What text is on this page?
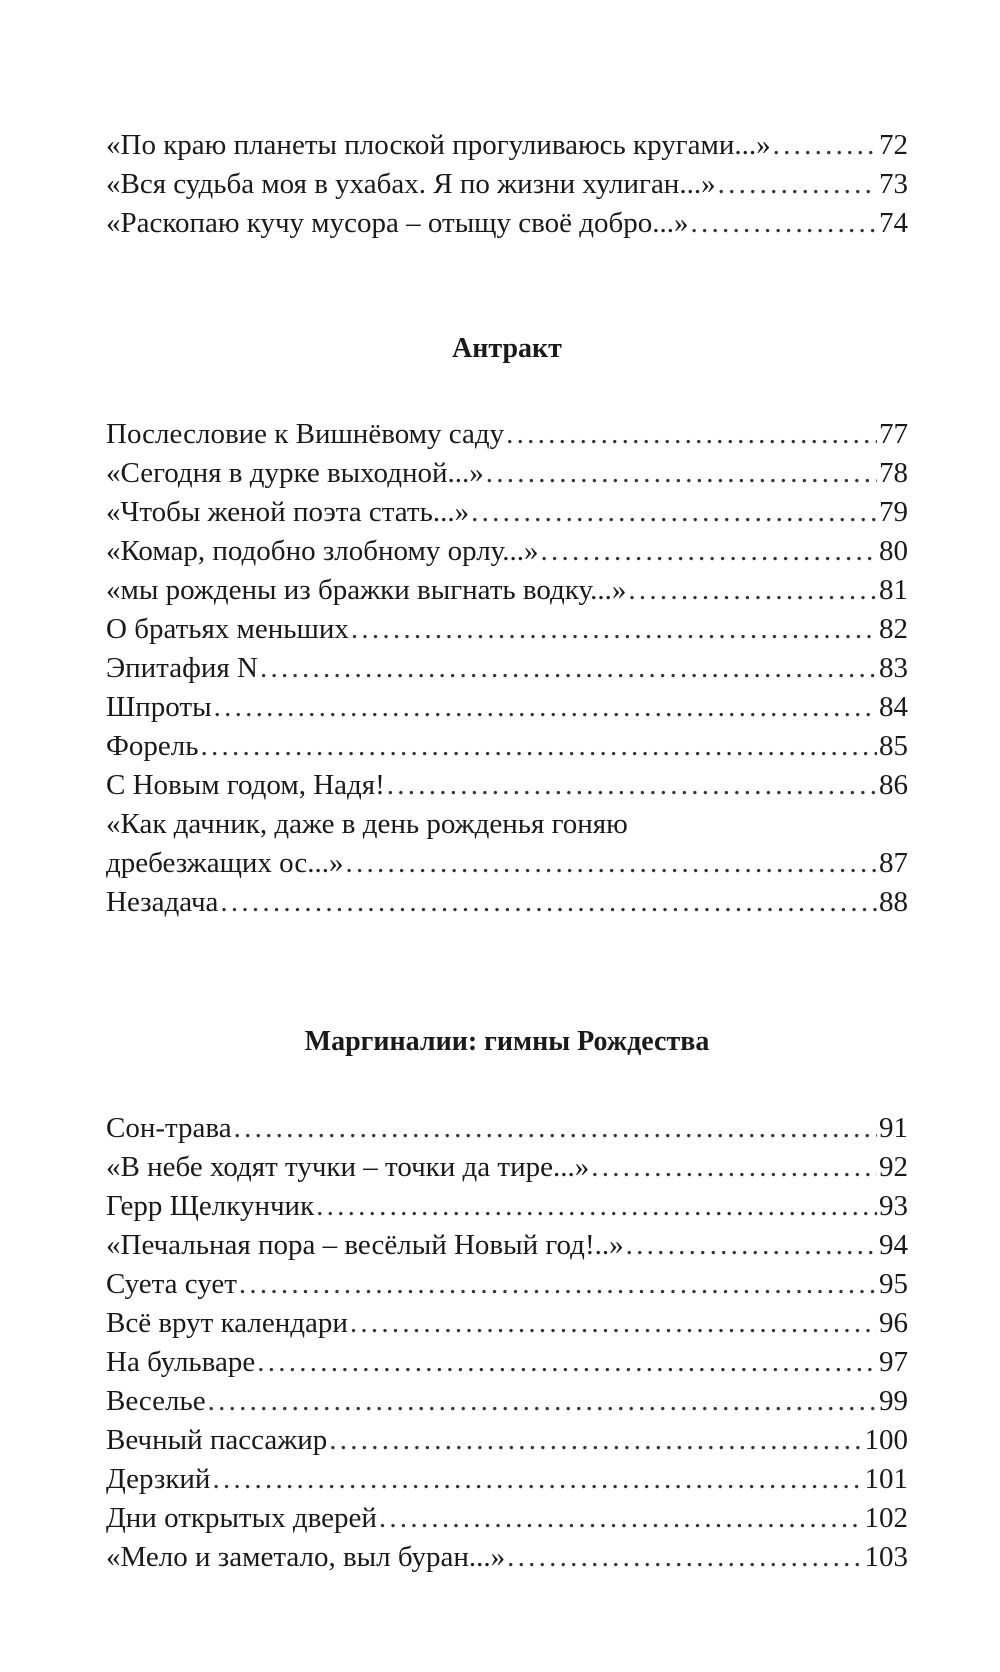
«По краю планеты плоской прогуливаюсь кругами...» . . .	72
«Вся судьба моя в ухабах. Я по жизни хулиган...» . . .	73
«Раскопаю кучу мусора – отыщу своё добро...» . . .	74
Антракт
Послесловие к Вишнёвому саду . . .	77
«Сегодня в дурке выходной...» . . .	78
«Чтобы женой поэта стать...» . . .	79
«Комар, подобно злобному орлу...» . . .	80
«мы рождены из бражки выгнать водку...» . . .	81
О братьях меньших . . .	82
Эпитафия N . . .	83
Шпроты . . .	84
Форель . . .	85
С Новым годом, Надя! . . .	86
«Как дачник, даже в день рожденья гоняю
дребезжащих ос...» . . .	87
Незадача . . .	88
Маргиналии: гимны Рождества
Сон-трава . . .	91
«В небе ходят тучки – точки да тире...» . . .	92
Герр Щелкунчик . . .	93
«Печальная пора – весёлый Новый год!..» . . .	94
Суета сует . . .	95
Всё врут календари . . .	96
На бульваре . . .	97
Веселье . . .	99
Вечный пассажир . . .	100
Дерзкий . . .	101
Дни открытых дверей . . .	102
«Мело и заметало, выл буран...» . . .	103
